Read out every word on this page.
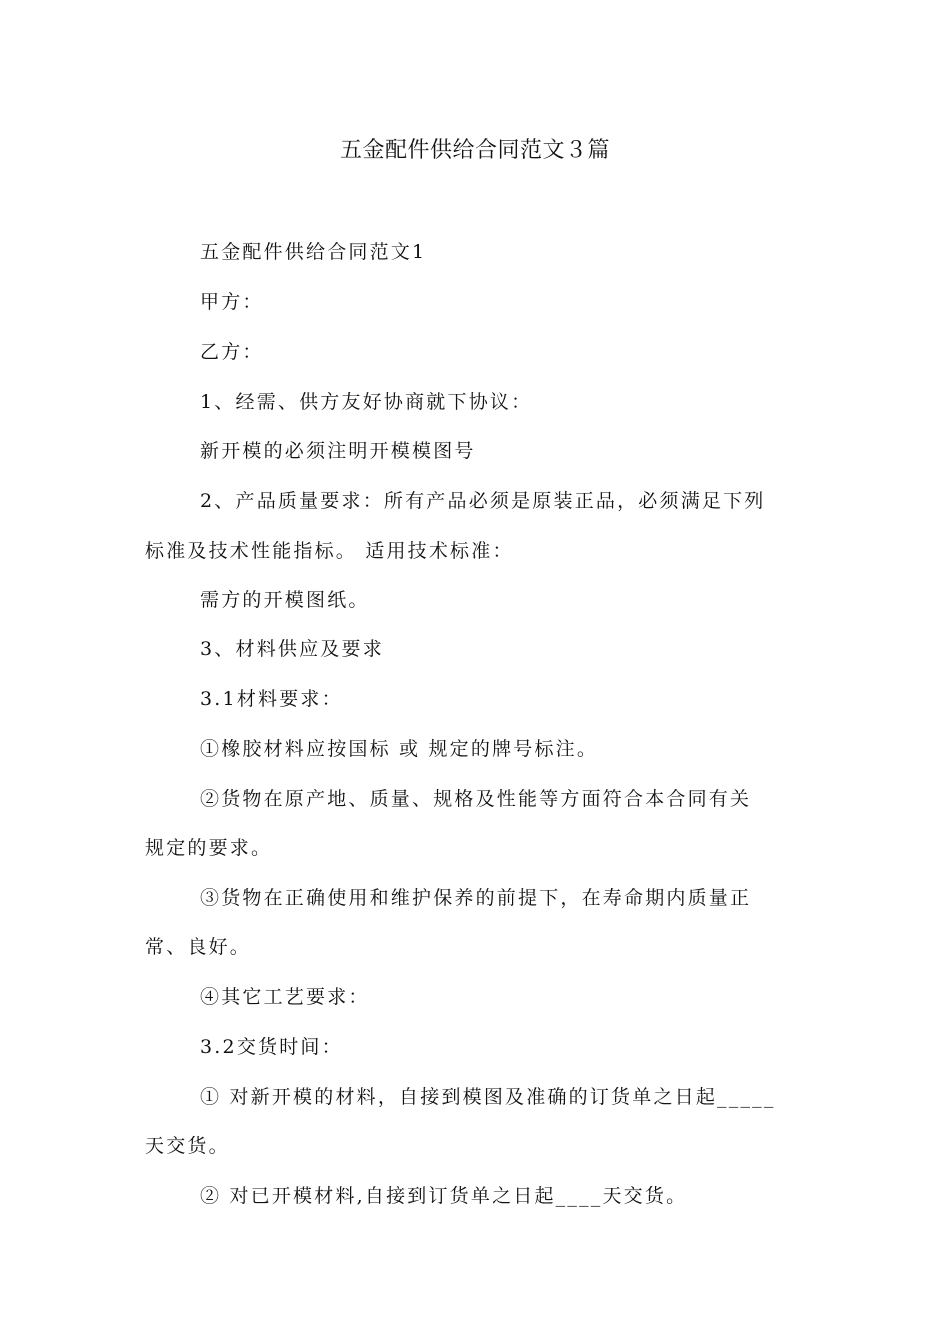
五金配件供给合同范文３篇
五金配件供给合同范文1
甲方：
乙方：
1、经需、供方友好协商就下协议：
新开模的必须注明开模模图号
2、产品质量要求：所有产品必须是原装正品，必须满足下列
标准及技术性能指标。 适用技术标准：
需方的开模图纸。
3、材料供应及要求
3.1材料要求：
①橡胶材料应按国标 或 规定的牌号标注。
②货物在原产地、质量、规格及性能等方面符合本合同有关
规定的要求。
③货物在正确使用和维护保养的前提下，在寿命期内质量正
常、良好。
④其它工艺要求：
3.2交货时间：
① 对新开模的材料，自接到模图及准确的订货单之日起_____
天交货。
② 对已开模材料,自接到订货单之日起____天交货。
